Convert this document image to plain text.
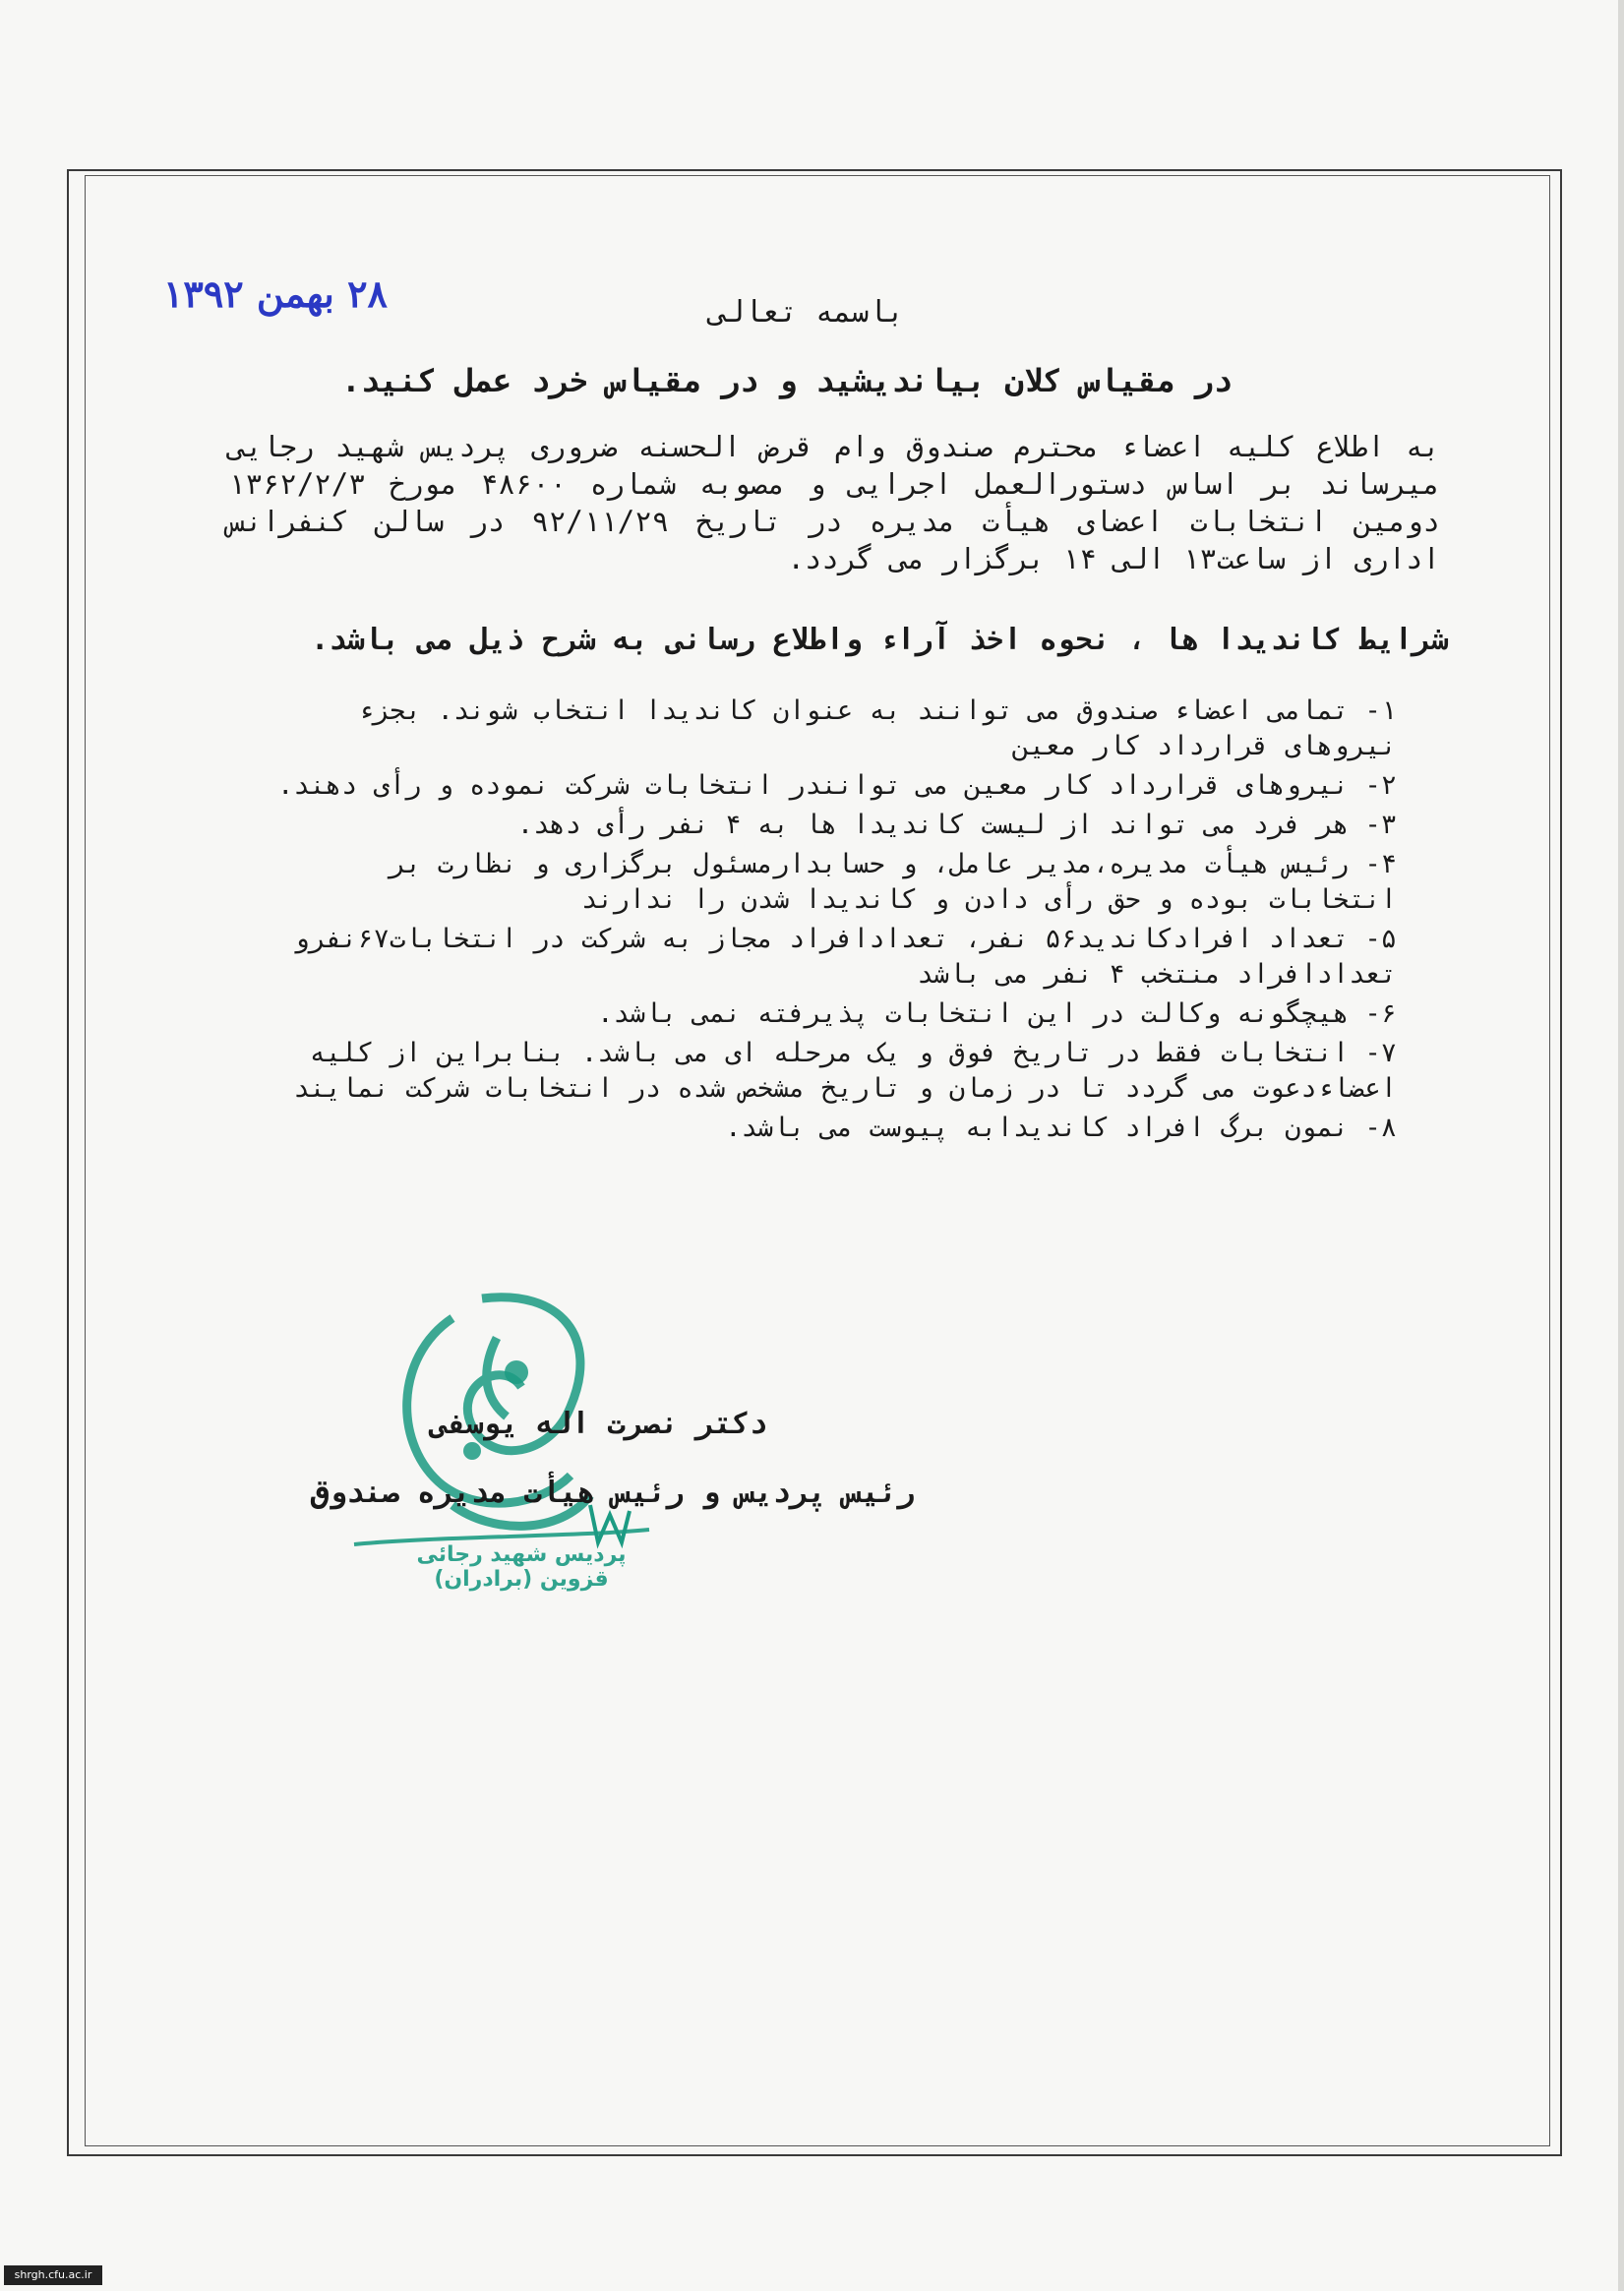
۲۸ بهمن ۱۳۹۲	باسمه تعالی
در مقیاس کلان بیاندیشید و در مقیاس خرد عمل کنید.
به اطلاع کلیه اعضاء محترم صندوق وام قرض الحسنه ضروری پردیس شهید رجایی میرساند بر اساس دستورالعمل اجرایی و مصوبه شماره ۴۸۶۰۰ مورخ ۱۳۶۲/۲/۳ دومین انتخابات اعضای هیأت مدیره در تاریخ ۹۲/۱۱/۲۹ در سالن کنفرانس اداری از ساعت۱۳ الی ۱۴ برگزار می گردد.
شرایط کاندیدا ها ، نحوه اخذ آراء واطلاع رسانی به شرح ذیل می باشد.
۱- تمامی اعضاء صندوق می توانند به عنوان کاندیدا انتخاب شوند. بجزء نیروهای قرارداد کار معین
۲- نیروهای قرارداد کار معین می توانندر انتخابات شرکت نموده و رأی دهند.
۳- هر فرد می تواند از لیست کاندیدا ها به ۴ نفر رأی دهد.
۴- رئیس هیأت مدیره،مدیر عامل، و حسابدارمسئول برگزاری و نظارت بر انتخابات بوده و حق رأی دادن و کاندیدا شدن را ندارند
۵- تعداد افرادکاندید۵۶ نفر، تعدادافراد مجاز به شرکت در انتخابات۶۷نفرو تعدادافراد منتخب ۴ نفر می باشد
۶- هیچگونه وکالت در این انتخابات پذیرفته نمی باشد.
۷- انتخابات فقط در تاریخ فوق و یک مرحله ای می باشد. بنابراین از کلیه اعضاءدعوت می گردد تا در زمان و تاریخ مشخص شده در انتخابات شرکت نمایند
۸- نمون برگ افراد کاندیدابه پیوست می باشد.
پردیس شهید رجائی قزوین (برادران)
دکتر نصرت اله یوسفی
رئیس پردیس و رئیس هیأت مدیره صندوق
shrgh.cfu.ac.ir
